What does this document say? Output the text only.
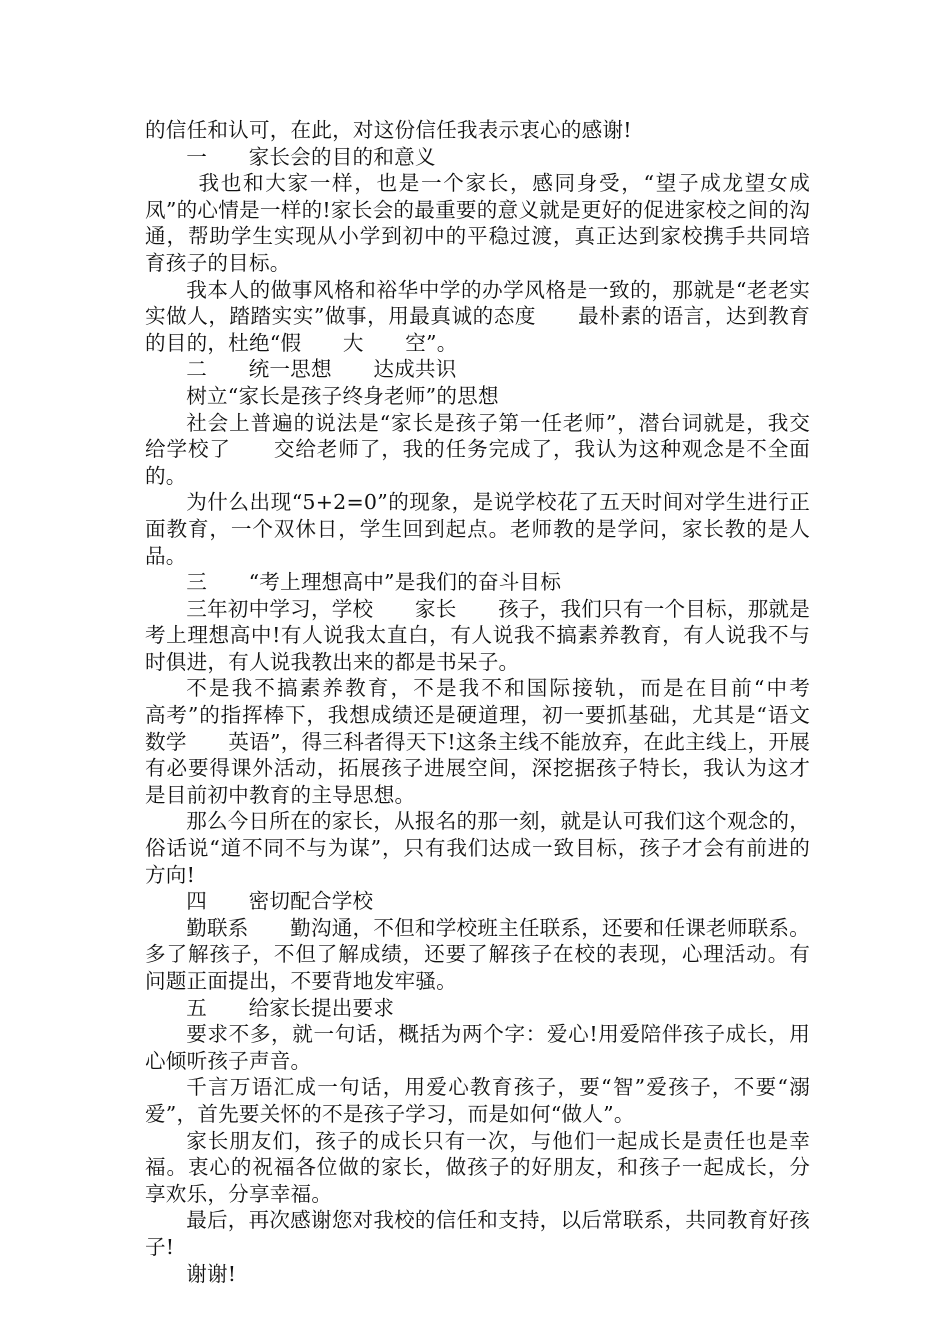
的信任和认可，在此，对这份信任我表示衷心的感谢!

一　　家长会的目的和意义

我也和大家一样，也是一个家长，感同身受，“望子成龙望女成凤”的心情是一样的!家长会的最重要的意义就是更好的促进家校之间的沟通，帮助学生实现从小学到初中的平稳过渡，真正达到家校携手共同培育孩子的目标。

我本人的做事风格和裕华中学的办学风格是一致的，那就是“老老实实做人，踏踏实实”做事，用最真诚的态度　　最朴素的语言，达到教育的目的，杜绝“假　　大　　空”。

二　　统一思想　　达成共识

树立“家长是孩子终身老师”的思想

社会上普遍的说法是“家长是孩子第一任老师”，潜台词就是，我交给学校了　　交给老师了，我的任务完成了，我认为这种观念是不全面的。

为什么出现“5+2=0”的现象，是说学校花了五天时间对学生进行正面教育，一个双休日，学生回到起点。老师教的是学问，家长教的是人品。

三　　“考上理想高中”是我们的奋斗目标

三年初中学习，学校　　家长　　孩子，我们只有一个目标，那就是考上理想高中!有人说我太直白，有人说我不搞素养教育，有人说我不与时俱进，有人说我教出来的都是书呆子。

不是我不搞素养教育，不是我不和国际接轨，而是在目前“中考　　高考”的指挥棒下，我想成绩还是硬道理，初一要抓基础，尤其是“语文　　数学　　英语”，得三科者得天下!这条主线不能放弃，在此主线上，开展有必要得课外活动，拓展孩子进展空间，深挖据孩子特长，我认为这才是目前初中教育的主导思想。

那么今日所在的家长，从报名的那一刻，就是认可我们这个观念的，俗话说“道不同不与为谋”，只有我们达成一致目标，孩子才会有前进的方向!

四　　密切配合学校

勤联系　　勤沟通，不但和学校班主任联系，还要和任课老师联系。多了解孩子，不但了解成绩，还要了解孩子在校的表现，心理活动。有问题正面提出，不要背地发牢骚。

五　　给家长提出要求

要求不多，就一句话，概括为两个字：爱心!用爱陪伴孩子成长，用心倾听孩子声音。

千言万语汇成一句话，用爱心教育孩子，要“智”爱孩子，不要“溺爱”，首先要关怀的不是孩子学习，而是如何“做人”。

家长朋友们，孩子的成长只有一次，与他们一起成长是责任也是幸福。衷心的祝福各位做的家长，做孩子的好朋友，和孩子一起成长，分享欢乐，分享幸福。

最后，再次感谢您对我校的信任和支持，以后常联系，共同教育好孩子!

谢谢!
